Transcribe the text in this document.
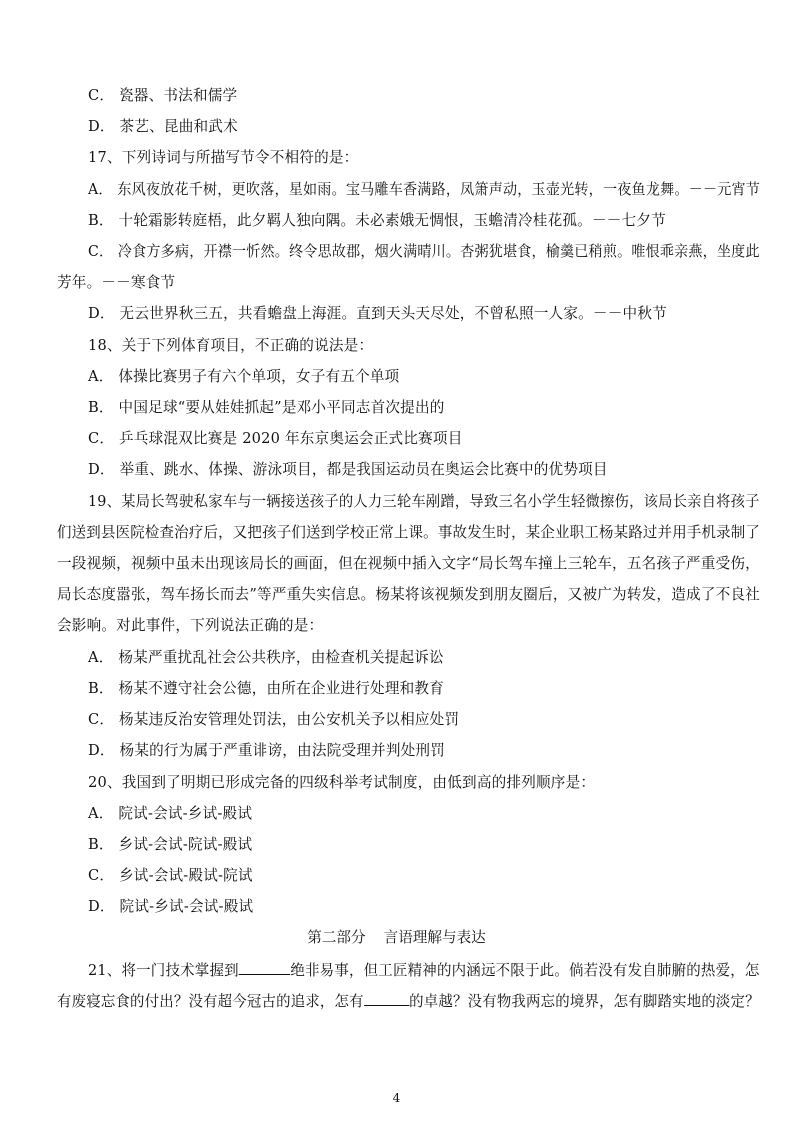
C． 瓷器、书法和儒学
D． 茶艺、昆曲和武术
17、下列诗词与所描写节令不相符的是：
A． 东风夜放花千树，更吹落，星如雨。宝马雕车香满路，凤箫声动，玉壶光转，一夜鱼龙舞。－－元宵节
B． 十轮霜影转庭梧，此夕羁人独向隅。未必素娥无惆恨，玉蟾清冷桂花孤。－－七夕节
C． 冷食方多病，开襟一忻然。终令思故郡，烟火满晴川。杏粥犹堪食，榆羹已稍煎。唯恨乖亲燕，坐度此
芳年。－－寒食节
D． 无云世界秋三五，共看蟾盘上海涯。直到天头天尽处，不曾私照一人家。－－中秋节
18、关于下列体育项目，不正确的说法是：
A． 体操比赛男子有六个单项，女子有五个单项
B． 中国足球“要从娃娃抓起”是邓小平同志首次提出的
C． 乒乓球混双比赛是 2020 年东京奥运会正式比赛项目
D． 举重、跳水、体操、游泳项目，都是我国运动员在奥运会比赛中的优势项目
19、某局长驾驶私家车与一辆接送孩子的人力三轮车剐蹭，导致三名小学生轻微擦伤，该局长亲自将孩子
们送到县医院检查治疗后，又把孩子们送到学校正常上课。事故发生时，某企业职工杨某路过并用手机录制了
一段视频，视频中虽未出现该局长的画面，但在视频中插入文字“局长驾车撞上三轮车，五名孩子严重受伤，
局长态度嚣张，驾车扬长而去”等严重失实信息。杨某将该视频发到朋友圈后，又被广为转发，造成了不良社
会影响。对此事件，下列说法正确的是：
A． 杨某严重扰乱社会公共秩序，由检查机关提起诉讼
B． 杨某不遵守社会公德，由所在企业进行处理和教育
C． 杨某违反治安管理处罚法，由公安机关予以相应处罚
D． 杨某的行为属于严重诽谤，由法院受理并判处刑罚
20、我国到了明期已形成完备的四级科举考试制度，由低到高的排列顺序是：
A． 院试-会试-乡试-殿试
B． 乡试-会试-院试-殿试
C． 乡试-会试-殿试-院试
D． 院试-乡试-会试-殿试
第二部分 言语理解与表达
21、将一门技术掌握到	绝非易事，但工匠精神的内涵远不限于此。倘若没有发自肺腑的热爱，怎
有废寝忘食的付出？没有超今冠古的追求，怎有	的卓越？没有物我两忘的境界，怎有脚踏实地的淡定？
4
